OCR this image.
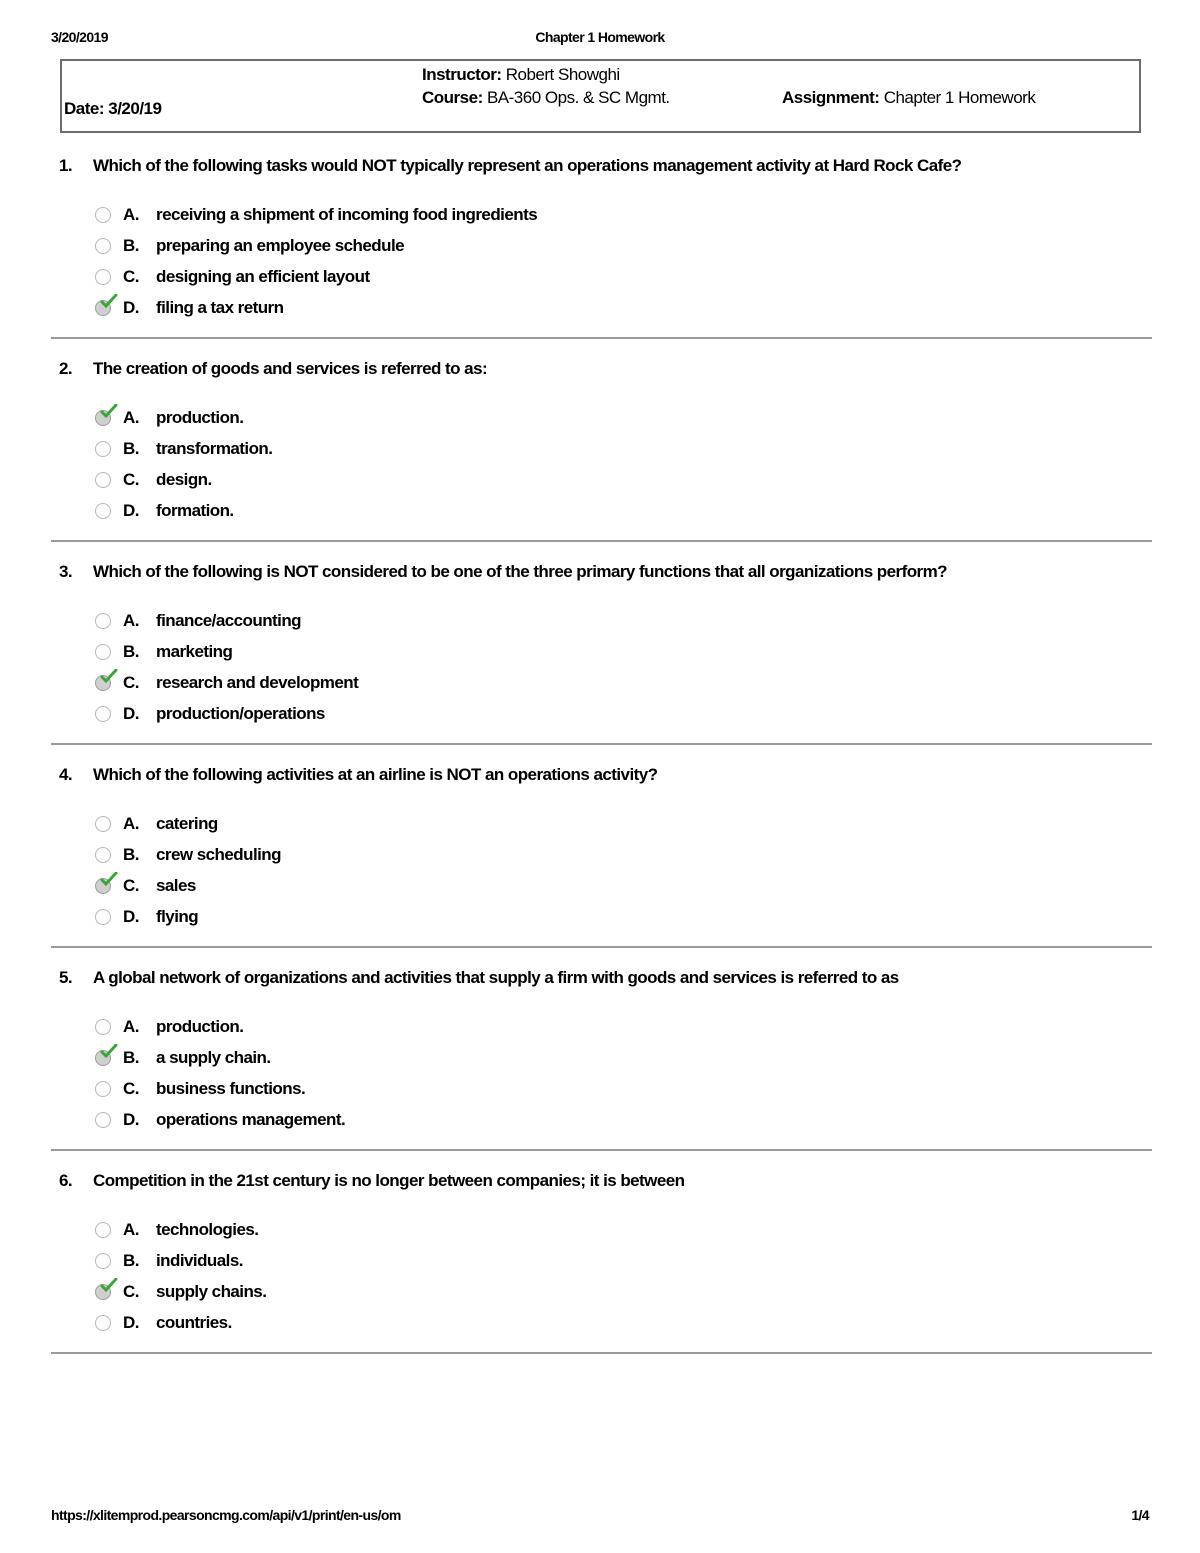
3/20/2019	Chapter 1 Homework
Date: 3/20/19
Instructor: Robert Showghi
Course: BA-360 Ops. & SC Mgmt.	Assignment: Chapter 1 Homework
1. Which of the following tasks would NOT typically represent an operations management activity at Hard Rock Cafe?
A. receiving a shipment of incoming food ingredients
B. preparing an employee schedule
C. designing an efficient layout
D. filing a tax return
2. The creation of goods and services is referred to as:
A. production.
B. transformation.
C. design.
D. formation.
3. Which of the following is NOT considered to be one of the three primary functions that all organizations perform?
A. finance/accounting
B. marketing
C. research and development
D. production/operations
4. Which of the following activities at an airline is NOT an operations activity?
A. catering
B. crew scheduling
C. sales
D. flying
5. A global network of organizations and activities that supply a firm with goods and services is referred to as
A. production.
B. a supply chain.
C. business functions.
D. operations management.
6. Competition in the 21st century is no longer between companies; it is between
A. technologies.
B. individuals.
C. supply chains.
D. countries.
https://xlitemprod.pearsoncmg.com/api/v1/print/en-us/om	1/4
